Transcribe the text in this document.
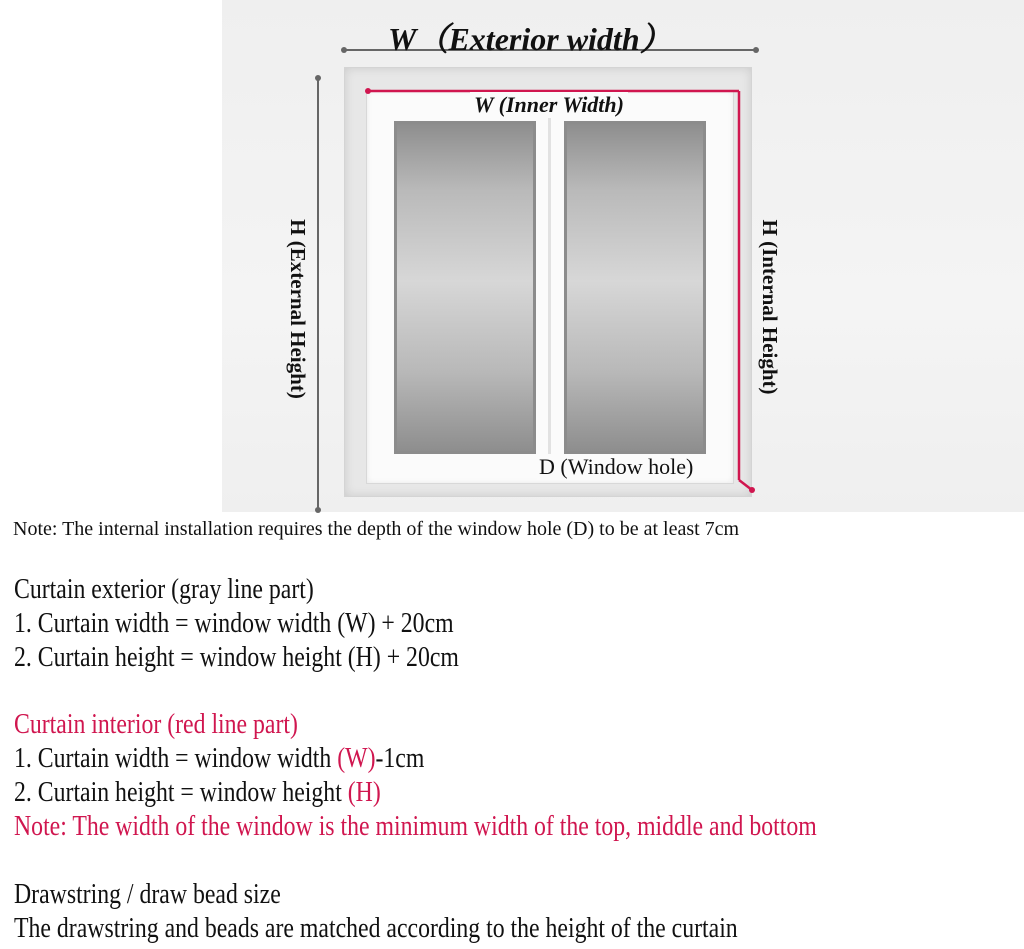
W（Exterior width）
W (Inner Width)
H (External Height)	H (Internal Height)
D (Window hole)
Note: The internal installation requires the depth of the window hole (D) to be at least 7cm
Curtain exterior (gray line part)
1. Curtain width = window width (W) + 20cm
2. Curtain height = window height (H) + 20cm
Curtain interior (red line part)
1. Curtain width = window width (W)-1cm
2. Curtain height = window height (H)
Note: The width of the window is the minimum width of the top, middle and bottom
Drawstring / draw bead size
The drawstring and beads are matched according to the height of the curtain
